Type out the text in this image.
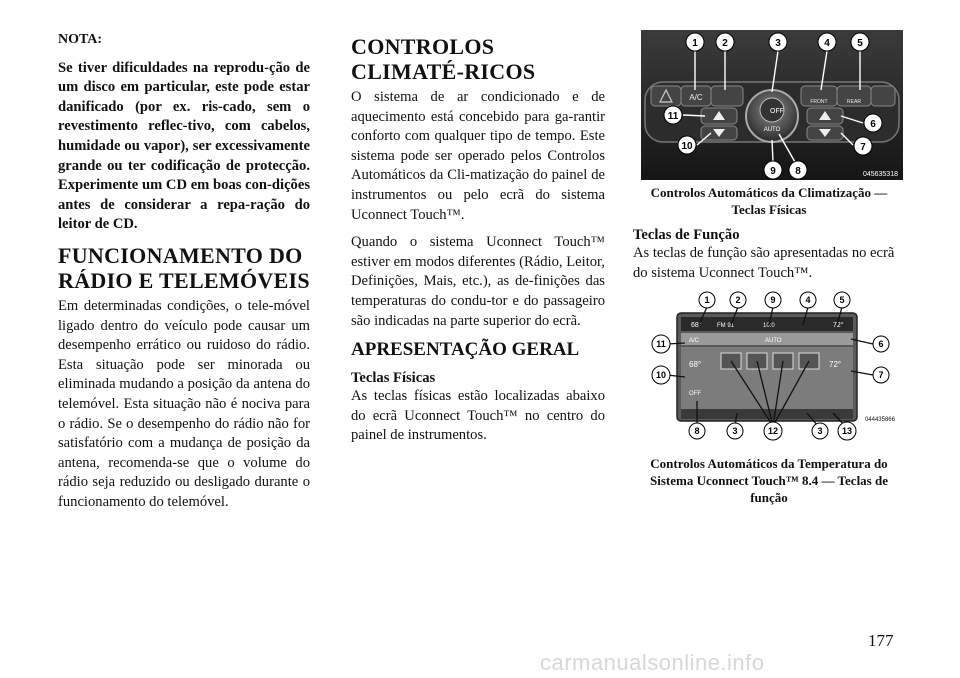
NOTA:

Se tiver dificuldades na reprodu-ção de um disco em particular, este pode estar danificado (por ex. ris-cado, sem o revestimento reflec-tivo, com cabelos, humidade ou vapor), ser excessivamente grande ou ter codificação de protecção. Experimente um CD em boas con-dições antes de considerar a repa-ração do leitor de CD.

FUNCIONAMENTO DO RÁDIO E TELEMÓVEIS

Em determinadas condições, o tele-móvel ligado dentro do veículo pode causar um desempenho errático ou ruidoso do rádio. Esta situação pode ser minorada ou eliminada mudando a posição da antena do telemóvel. Esta situação não é nociva para o rádio. Se o desempenho do rádio não for satisfatório com a mudança de posição da antena, recomenda-se que o volume do rádio seja reduzido ou desligado durante o funcionamento do telemóvel.

CONTROLOS CLIMATÉ-RICOS

O sistema de ar condicionado e de aquecimento está concebido para ga-rantir conforto com qualquer tipo de tempo. Este sistema pode ser operado pelos Controlos Automáticos da Cli-matização do painel de instrumentos ou pelo ecrã do sistema Uconnect Touch™.

Quando o sistema Uconnect Touch™ estiver em modos diferentes (Rádio, Leitor, Definições, Mais, etc.), as de-finições das temperaturas do condu-tor e do passageiro são indicadas na parte superior do ecrã.

APRESENTAÇÃO GERAL
Teclas Físicas

As teclas físicas estão localizadas abaixo do ecrã Uconnect Touch™ no centro do painel de instrumentos.

A/C	FRONT	REAR
OFF
AUTO
1 2	3	4	5
6
7
8
9
10
11
045635318
Controlos Automáticos da Climatização — Teclas Físicas
Teclas de Função

As teclas de função são apresentadas no ecrã do sistema Uconnect Touch™.

68°	FM 91	10:0	72°
A/C	AUTO
68°	72°
OFF
1	2	9	4	5
6
7
13
3
12
3
8
10
11
044435866
Controlos Automáticos da Temperatura do Sistema Uconnect Touch™ 8.4 — Teclas de função
177
carmanualsonline.info
